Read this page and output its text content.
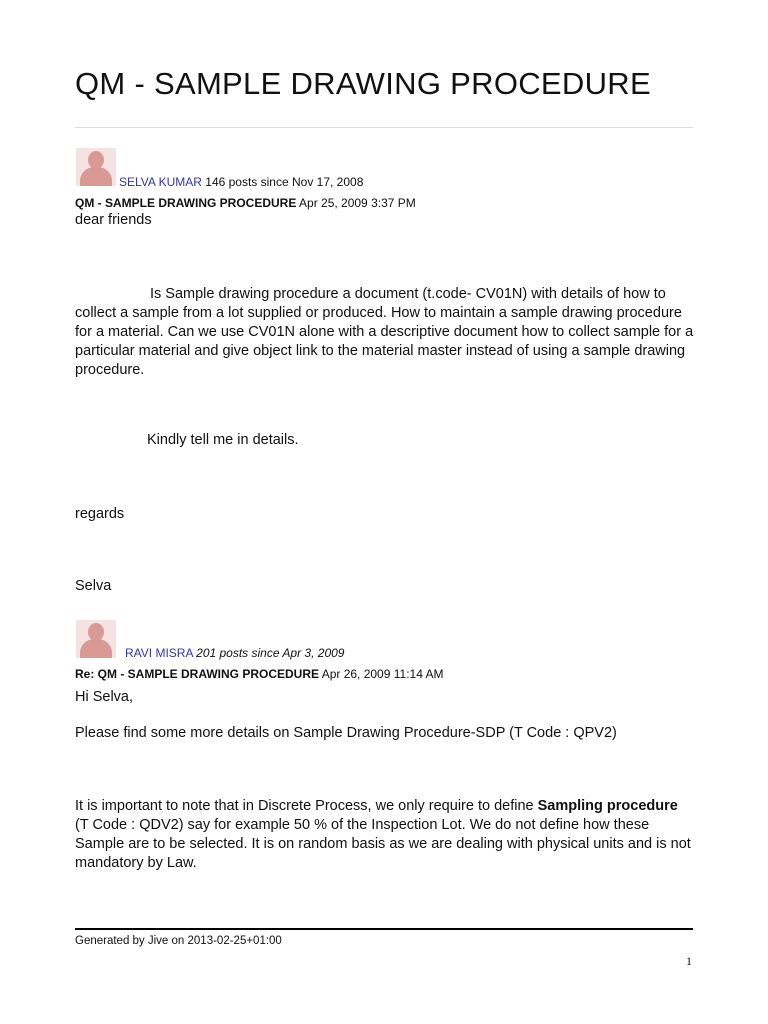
QM - SAMPLE DRAWING PROCEDURE
SELVA KUMAR 146 posts since Nov 17, 2008
QM - SAMPLE DRAWING PROCEDURE Apr 25, 2009 3:37 PM

dear friends

Is Sample drawing procedure a document (t.code- CV01N) with details of how to collect a sample from a lot supplied or produced. How to maintain a sample drawing procedure for a material. Can we use CV01N alone with a descriptive document how to collect sample for a particular material and give object link to the material master instead of using a sample drawing procedure.

Kindly tell me in details.

regards

Selva

RAVI MISRA 201 posts since Apr 3, 2009
Re: QM - SAMPLE DRAWING PROCEDURE Apr 26, 2009 11:14 AM

Hi Selva,

Please find some more details on Sample Drawing Procedure-SDP (T Code : QPV2)

It is important to note that in Discrete Process, we only require to define Sampling procedure (T Code : QDV2) say for example 50 % of the Inspection Lot. We do not define how these Sample are to be selected. It is on random basis as we are dealing with physical units and is not mandatory by Law.

Generated by Jive on 2013-02-25+01:00
1
